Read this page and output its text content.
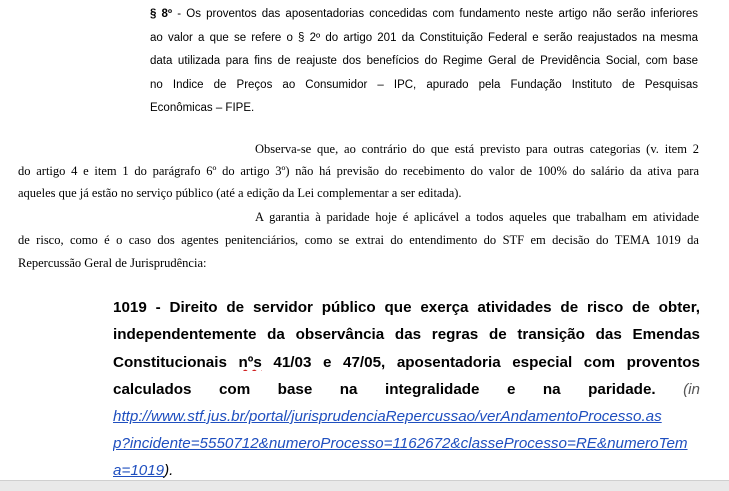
§ 8º - Os proventos das aposentadorias concedidas com fundamento neste artigo não serão inferiores
ao valor a que se refere o § 2º do artigo 201 da Constituição Federal e serão reajustados na mesma
data utilizada para fins de reajuste dos benefícios do Regime Geral de Previdência Social, com base
no Índice de Preços ao Consumidor – IPC, apurado pela Fundação Instituto de Pesquisas
Econômicas – FIPE.
Observa-se que, ao contrário do que está previsto para outras categorias (v. item 2
do artigo 4 e item 1 do parágrafo 6º do artigo 3º) não há previsão do recebimento do valor de 100% do salário da ativa para
aqueles que já estão no serviço público (até a edição da Lei complementar a ser editada).
A garantia à paridade hoje é aplicável a todos aqueles que trabalham em atividade
de risco, como é o caso dos agentes penitenciários, como se extrai do entendimento do STF em decisão do TEMA 1019 da
Repercussão Geral de Jurisprudência:
1019 - Direito de servidor público que exerça atividades de risco de obter,
independentemente da observância das regras de transição das Emendas
Constitucionais nºs 41/03 e 47/05, aposentadoria especial com proventos
calculados com base na integralidade e na paridade. (in
http://www.stf.jus.br/portal/jurisprudenciaRepercussao/verAndamentoProcesso.as
p?incidente=5550712&numeroProcesso=1162672&classeProcesso=RE&numeroTem
a=1019).
